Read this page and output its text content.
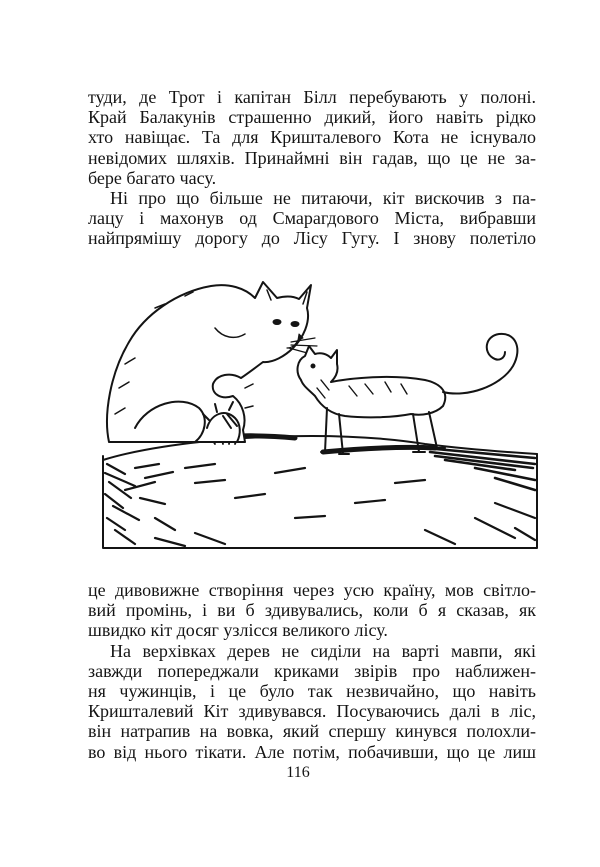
туди, де Трот і капітан Білл перебувають у полоні.
Край Балакунів страшенно дикий, його навіть рідко
хто навіщає. Та для Кришталевого Кота не існувало
невідомих шляхів. Принаймні він гадав, що це не за-
бере багато часу.
Ні про що більше не питаючи, кіт вискочив з па-
лацу і махонув од Смарагдового Міста, вибравши
найпрямішу дорогу до Лісу Гугу. І знову полетіло
це дивовижне створіння через усю країну, мов світло-
вий промінь, і ви б здивувались, коли б я сказав, як
швидко кіт досяг узлісся великого лісу.
На верхівках дерев не сиділи на варті мавпи, які
завжди попереджали криками звірів про наближен-
ня чужинців, і це було так незвичайно, що навіть
Кришталевий Кіт здивувався. Посуваючись далі в ліс,
він натрапив на вовка, який спершу кинувся полохли-
во від нього тікати. Але потім, побачивши, що це лиш
116
